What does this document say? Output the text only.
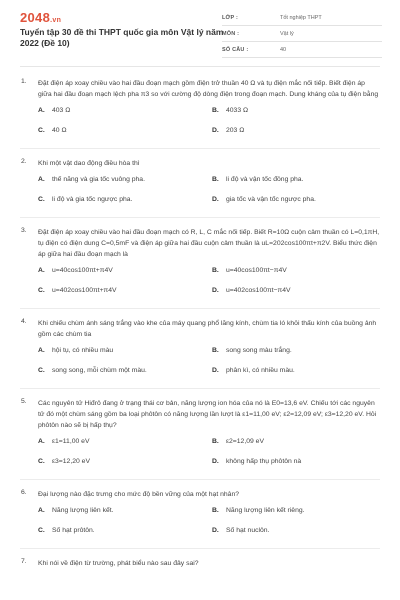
2048.vn
Tuyển tập 30 đề thi THPT quốc gia môn Vật lý năm 2022 (Đề 10)
LỚP :	Tốt nghiệp THPT
MÔN :	Vật lý
SỐ CÂU :	40
1. Đặt điện áp xoay chiều vào hai đầu đoạn mạch gồm điện trở thuần 40 Ω và tụ điện mắc nối tiếp. Biết điện áp giữa hai đầu đoạn mạch lệch pha π3 so với cường độ dòng điện trong đoạn mạch. Dung kháng của tụ điện bằng
A.	403 Ω	B.	4033 Ω
C.	40 Ω	D.	203 Ω
2. Khi một vật dao động điều hòa thì
A.	thế năng và gia tốc vuông pha.	B.	li độ và vận tốc đồng pha.
C.	li độ và gia tốc ngược pha.	D.	gia tốc và vận tốc ngược pha.
3. Đặt điện áp xoay chiều vào hai đầu đoạn mạch có R, L, C mắc nối tiếp. Biết R=10Ω cuộn cảm thuần có L=0,1πH, tụ điện có điện dung C=0,5mF và điện áp giữa hai đầu cuộn cảm thuần là uL=202cos100πt+π2V. Biểu thức điện áp giữa hai đầu đoạn mạch là
A.	u=40cos100πt+π4V	B.	u=40cos100πt−π4V
C.	u=402cos100πt+π4V	D.	u=402cos100πt−π4V
4. Khi chiếu chùm ánh sáng trắng vào khe của máy quang phổ lăng kính, chùm tia ló khỏi thấu kính của buồng ảnh gồm các chùm tia
A.	hội tụ, có nhiều màu	B.	song song màu trắng.
C.	song song, mỗi chùm một màu.	D.	phân kì, có nhiều màu.
5. Các nguyên tử Hiđrô đang ở trạng thái cơ bản, năng lượng ion hóa của nó là E0=13,6 eV. Chiếu tới các nguyên tử đó một chùm sáng gồm ba loại phôtôn có năng lượng lần lượt là ε1=11,00 eV; ε2=12,09 eV; ε3=12,20 eV. Hỏi phôtôn nào sẽ bị hấp thụ?
A.	ε1=11,00 eV	B.	ε2=12,09 eV
C.	ε3=12,20 eV	D.	không hấp thụ phôtôn nà
6. Đại lượng nào đặc trưng cho mức độ bền vững của một hạt nhân?
A.	Năng lượng liên kết.	B.	Năng lượng liên kết riêng.
C.	Số hạt prôtôn.	D.	Số hạt nuclôn.
7. Khi nói về điện từ trường, phát biểu nào sau đây sai?
